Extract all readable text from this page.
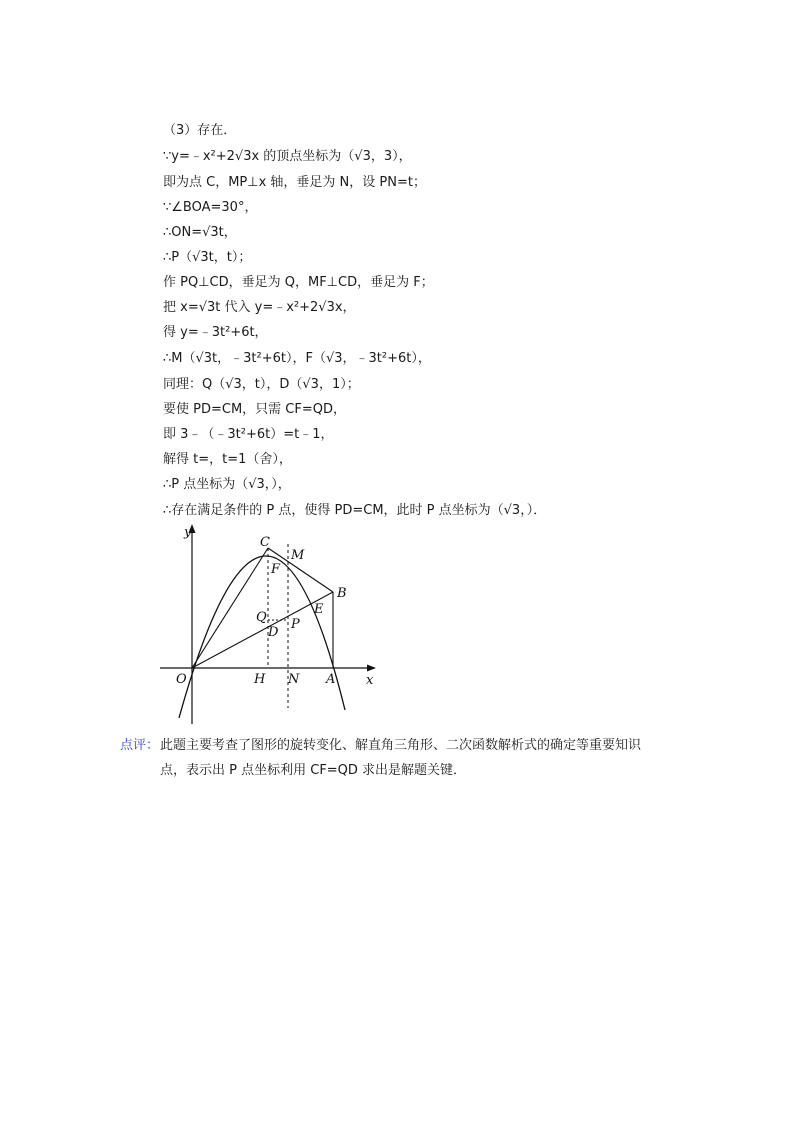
（3）存在．
∵y=﹣x²+2√3x 的顶点坐标为（√3，3），
即为点 C，MP⊥x 轴，垂足为 N，设 PN=t；
∵∠BOA=30°，
∴ON=√3t，
∴P（√3t，t）；
作 PQ⊥CD，垂足为 Q，MF⊥CD，垂足为 F；
把 x=√3t 代入 y=﹣x²+2√3x，
得 y=﹣3t²+6t，
∴M（√3t，﹣3t²+6t），F（√3，﹣3t²+6t），
同理：Q（√3，t），D（√3，1）；
要使 PD=CM，只需 CF=QD，
即 3﹣（﹣3t²+6t）=t﹣1，
解得 t=，t=1（舍），
∴P 点坐标为（√3，），
∴存在满足条件的 P 点，使得 PD=CM，此时 P 点坐标为（√3，）．
y
x
O	H N A
C
M
F
B
E
Q P
D
点评： 此题主要考查了图形的旋转变化、解直角三角形、二次函数解析式的确定等重要知识
点，表示出 P 点坐标利用 CF=QD 求出是解题关键．
